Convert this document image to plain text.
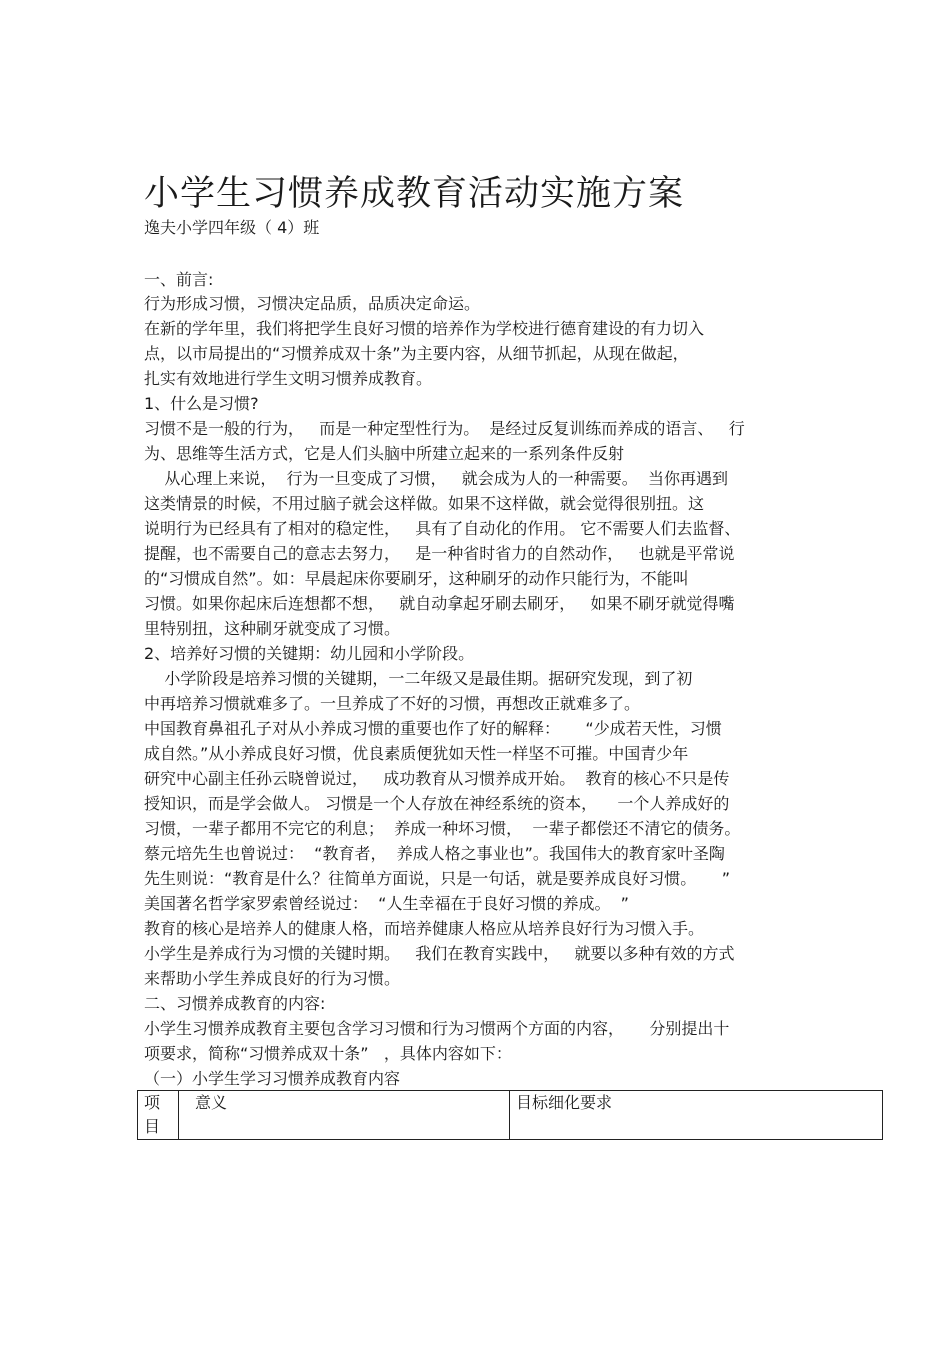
小学生习惯养成教育活动实施方案
逸夫小学四年级（ 4）班
一、前言:
行为形成习惯，习惯决定品质，品质决定命运。
在新的学年里，我们将把学生良好习惯的培养作为学校进行德育建设的有力切入
点，以市局提出的“习惯养成双十条”为主要内容，从细节抓起，从现在做起，
扎实有效地进行学生文明习惯养成教育。
1、什么是习惯?
习惯不是一般的行为，   而是一种定型性行为。  是经过反复训练而养成的语言、   行
为、思维等生活方式，它是人们头脑中所建立起来的一系列条件反射
从心理上来说，  行为一旦变成了习惯，   就会成为人的一种需要。  当你再遇到
这类情景的时候，不用过脑子就会这样做。如果不这样做，就会觉得很别扭。这
说明行为已经具有了相对的稳定性，   具有了自动化的作用。 它不需要人们去监督、
提醒，也不需要自己的意志去努力，   是一种省时省力的自然动作，   也就是平常说
的“习惯成自然”。如：早晨起床你要刷牙，这种刷牙的动作只能行为，不能叫
习惯。如果你起床后连想都不想，   就自动拿起牙刷去刷牙，   如果不刷牙就觉得嘴
里特别扭，这种刷牙就变成了习惯。
2、培养好习惯的关键期：幼儿园和小学阶段。
小学阶段是培养习惯的关键期，一二年级又是最佳期。据研究发现，到了初
中再培养习惯就难多了。一旦养成了不好的习惯，再想改正就难多了。
中国教育鼻祖孔子对从小养成习惯的重要也作了好的解释：     “少成若天性，习惯
成自然。”从小养成良好习惯，优良素质便犹如天性一样坚不可摧。中国青少年
研究中心副主任孙云晓曾说过，   成功教育从习惯养成开始。  教育的核心不只是传
授知识，而是学会做人。 习惯是一个人存放在神经系统的资本，    一个人养成好的
习惯，一辈子都用不完它的利息；  养成一种坏习惯，  一辈子都偿还不清它的债务。
蔡元培先生也曾说过：  “教育者，  养成人格之事业也”。我国伟大的教育家叶圣陶
先生则说：“教育是什么？往简单方面说，只是一句话，就是要养成良好习惯。     ”
美国著名哲学家罗索曾经说过：  “人生幸福在于良好习惯的养成。  ”
教育的核心是培养人的健康人格，而培养健康人格应从培养良好行为习惯入手。
小学生是养成行为习惯的关键时期。   我们在教育实践中，   就要以多种有效的方式
来帮助小学生养成良好的行为习惯。
二、习惯养成教育的内容:
小学生习惯养成教育主要包含学习习惯和行为习惯两个方面的内容，     分别提出十
项要求，简称“习惯养成双十条”   ，具体内容如下：
（一）小学生学习习惯养成教育内容
项目	意义	目标细化要求
